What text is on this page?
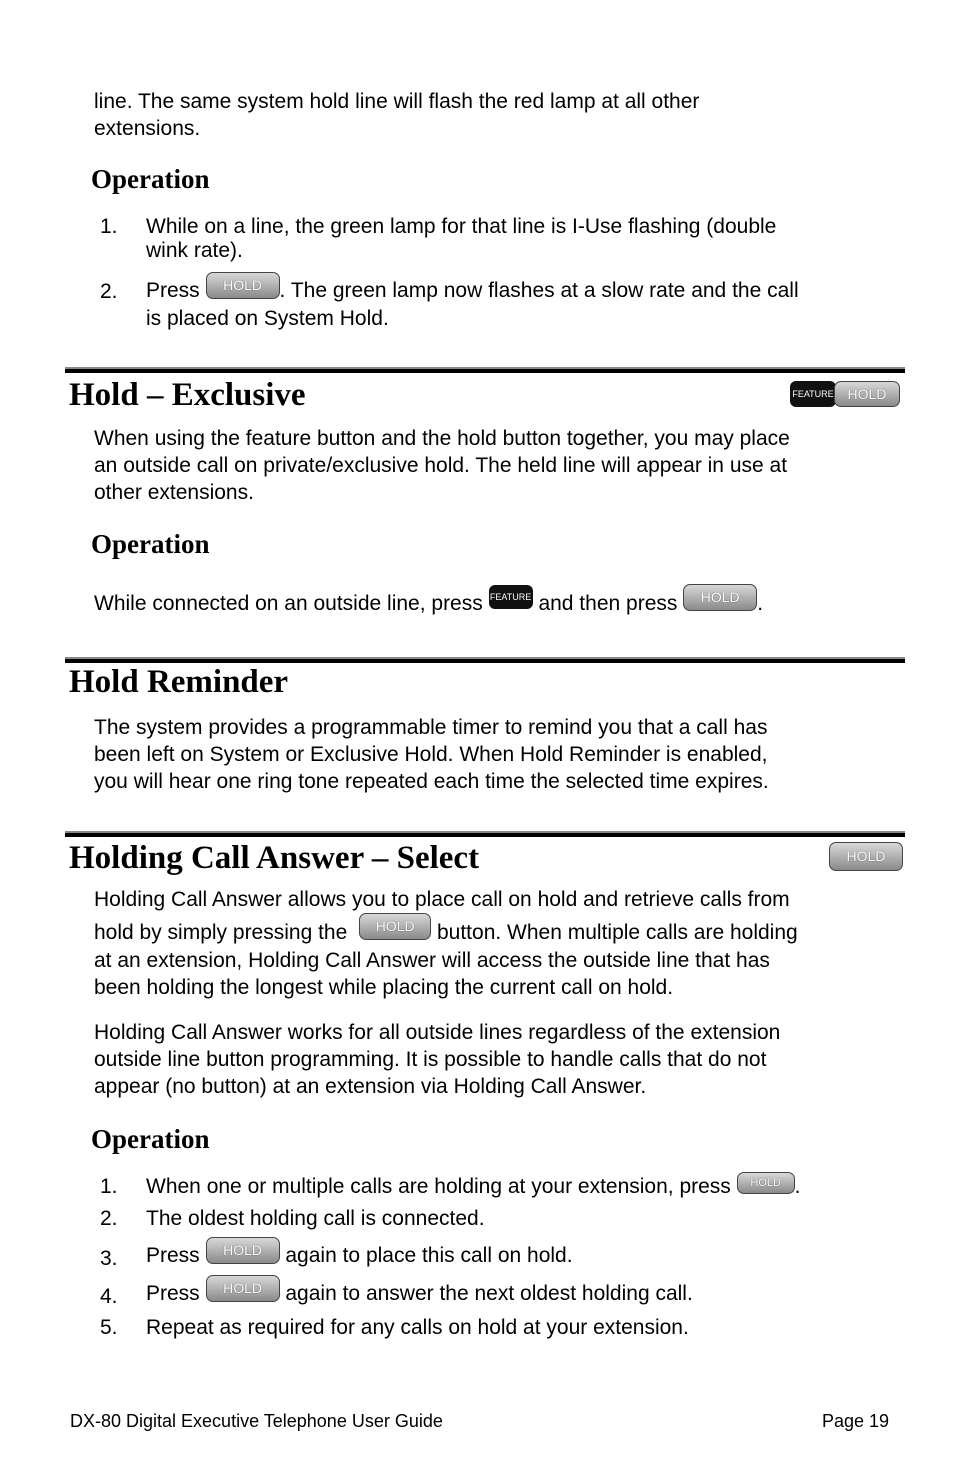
line. The same system hold line will flash the red lamp at all other
extensions.
Operation
1. While on a line, the green lamp for that line is I-Use flashing (double
wink rate).
2. Press HOLD . The green lamp now flashes at a slow rate and the call
is placed on System Hold.
Hold – Exclusive	FEATURE HOLD
When using the feature button and the hold button together, you may place
an outside call on private/exclusive hold. The held line will appear in use at
other extensions.
Operation
While connected on an outside line, press FEATURE and then press HOLD .
Hold Reminder
The system provides a programmable timer to remind you that a call has
been left on System or Exclusive Hold. When Hold Reminder is enabled,
you will hear one ring tone repeated each time the selected time expires.
Holding Call Answer – Select	HOLD
Holding Call Answer allows you to place call on hold and retrieve calls from
hold by simply pressing the HOLD button. When multiple calls are holding
at an extension, Holding Call Answer will access the outside line that has
been holding the longest while placing the current call on hold.
Holding Call Answer works for all outside lines regardless of the extension
outside line button programming. It is possible to handle calls that do not
appear (no button) at an extension via Holding Call Answer.
Operation
1. When one or multiple calls are holding at your extension, press HOLD .
2. The oldest holding call is connected.
3. Press HOLD again to place this call on hold.
4. Press HOLD again to answer the next oldest holding call.
5. Repeat as required for any calls on hold at your extension.
DX-80 Digital Executive Telephone User Guide	Page 19
